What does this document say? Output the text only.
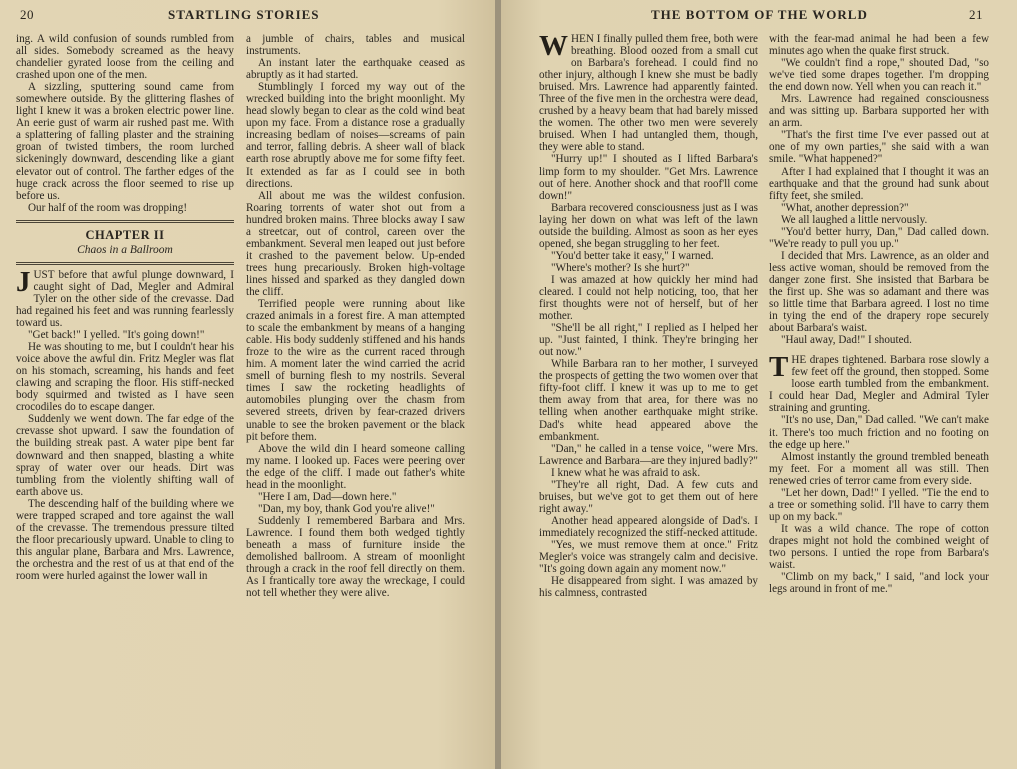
20	STARTLING STORIES

ing. A wild confusion of sounds rumbled from all sides. Somebody screamed as the heavy chandelier gyrated loose from the ceiling and crashed upon one of the men.

A sizzling, sputtering sound came from somewhere outside. By the glittering flashes of light I knew it was a broken electric power line. An eerie gust of warm air rushed past me. With a splattering of falling plaster and the straining groan of twisted timbers, the room lurched sickeningly downward, descending like a giant elevator out of control. The farther edges of the huge crack across the floor seemed to rise up before us.

Our half of the room was dropping!

CHAPTER II
Chaos in a Ballroom

JUST before that awful plunge downward, I caught sight of Dad, Megler and Admiral Tyler on the other side of the crevasse. Dad had regained his feet and was running fearlessly toward us.

"Get back!" I yelled. "It's going down!"

He was shouting to me, but I couldn't hear his voice above the awful din. Fritz Megler was flat on his stomach, screaming, his hands and feet clawing and scraping the floor. His stiff-necked body squirmed and twisted as I have seen crocodiles do to escape danger.

Suddenly we went down. The far edge of the crevasse shot upward. I saw the foundation of the building streak past. A water pipe bent far downward and then snapped, blasting a white spray of water over our heads. Dirt was tumbling from the violently shifting wall of earth above us.

The descending half of the building where we were trapped scraped and tore against the wall of the crevasse. The tremendous pressure tilted the floor precariously upward. Unable to cling to this angular plane, Barbara and Mrs. Lawrence, the orchestra and the rest of us at that end of the room were hurled against the lower wall in

a jumble of chairs, tables and musical instruments.

An instant later the earthquake ceased as abruptly as it had started.

Stumblingly I forced my way out of the wrecked building into the bright moonlight. My head slowly began to clear as the cold wind beat upon my face. From a distance rose a gradually increasing bedlam of noises—screams of pain and terror, falling debris. A sheer wall of black earth rose abruptly above me for some fifty feet. It extended as far as I could see in both directions.

All about me was the wildest confusion. Roaring torrents of water shot out from a hundred broken mains. Three blocks away I saw a streetcar, out of control, careen over the embankment. Several men leaped out just before it crashed to the pavement below. Up-ended trees hung precariously. Broken high-voltage lines hissed and sparked as they dangled down the cliff.

Terrified people were running about like crazed animals in a forest fire. A man attempted to scale the embankment by means of a hanging cable. His body suddenly stiffened and his hands froze to the wire as the current raced through him. A moment later the wind carried the acrid smell of burning flesh to my nostrils. Several times I saw the rocketing headlights of automobiles plunging over the chasm from severed streets, driven by fear-crazed drivers unable to see the broken pavement or the black pit before them.

Above the wild din I heard someone calling my name. I looked up. Faces were peering over the edge of the cliff. I made out father's white head in the moonlight.

"Here I am, Dad—down here."

"Dan, my boy, thank God you're alive!"

Suddenly I remembered Barbara and Mrs. Lawrence. I found them both wedged tightly beneath a mass of furniture inside the demolished ballroom. A stream of moonlight through a crack in the roof fell directly on them. As I frantically tore away the wreckage, I could not tell whether they were alive.

THE BOTTOM OF THE WORLD	21

WHEN I finally pulled them free, both were breathing. Blood oozed from a small cut on Barbara's forehead. I could find no other injury, although I knew she must be badly bruised. Mrs. Lawrence had apparently fainted. Three of the five men in the orchestra were dead, crushed by a heavy beam that had barely missed the women. The other two men were severely bruised. When I had untangled them, though, they were able to stand.

"Hurry up!" I shouted as I lifted Barbara's limp form to my shoulder. "Get Mrs. Lawrence out of here. Another shock and that roof'll come down!"

Barbara recovered consciousness just as I was laying her down on what was left of the lawn outside the building. Almost as soon as her eyes opened, she began struggling to her feet.

"You'd better take it easy," I warned.

"Where's mother? Is she hurt?"

I was amazed at how quickly her mind had cleared. I could not help noticing, too, that her first thoughts were not of herself, but of her mother.

"She'll be all right," I replied as I helped her up. "Just fainted, I think. They're bringing her out now."

While Barbara ran to her mother, I surveyed the prospects of getting the two women over that fifty-foot cliff. I knew it was up to me to get them away from that area, for there was no telling when another earthquake might strike. Dad's white head appeared above the embankment.

"Dan," he called in a tense voice, "were Mrs. Lawrence and Barbara—are they injured badly?"

I knew what he was afraid to ask.

"They're all right, Dad. A few cuts and bruises, but we've got to get them out of here right away."

Another head appeared alongside of Dad's. I immediately recognized the stiff-necked attitude.

"Yes, we must remove them at once." Fritz Megler's voice was strangely calm and decisive. "It's going down again any moment now."

He disappeared from sight. I was amazed by his calmness, contrasted

with the fear-mad animal he had been a few minutes ago when the quake first struck.

"We couldn't find a rope," shouted Dad, "so we've tied some drapes together. I'm dropping the end down now. Yell when you can reach it."

Mrs. Lawrence had regained consciousness and was sitting up. Barbara supported her with an arm.

"That's the first time I've ever passed out at one of my own parties," she said with a wan smile. "What happened?"

After I had explained that I thought it was an earthquake and that the ground had sunk about fifty feet, she smiled.

"What, another depression?"

We all laughed a little nervously.

"You'd better hurry, Dan," Dad called down. "We're ready to pull you up."

I decided that Mrs. Lawrence, as an older and less active woman, should be removed from the danger zone first. She insisted that Barbara be the first up. She was so adamant and there was so little time that Barbara agreed. I lost no time in tying the end of the drapery rope securely about Barbara's waist.

"Haul away, Dad!" I shouted.

THE drapes tightened. Barbara rose slowly a few feet off the ground, then stopped. Some loose earth tumbled from the embankment. I could hear Dad, Megler and Admiral Tyler straining and grunting.

"It's no use, Dan," Dad called. "We can't make it. There's too much friction and no footing on the edge up here."

Almost instantly the ground trembled beneath my feet. For a moment all was still. Then renewed cries of terror came from every side.

"Let her down, Dad!" I yelled. "Tie the end to a tree or something solid. I'll have to carry them up on my back."

It was a wild chance. The rope of cotton drapes might not hold the combined weight of two persons. I untied the rope from Barbara's waist.

"Climb on my back," I said, "and lock your legs around in front of me."
